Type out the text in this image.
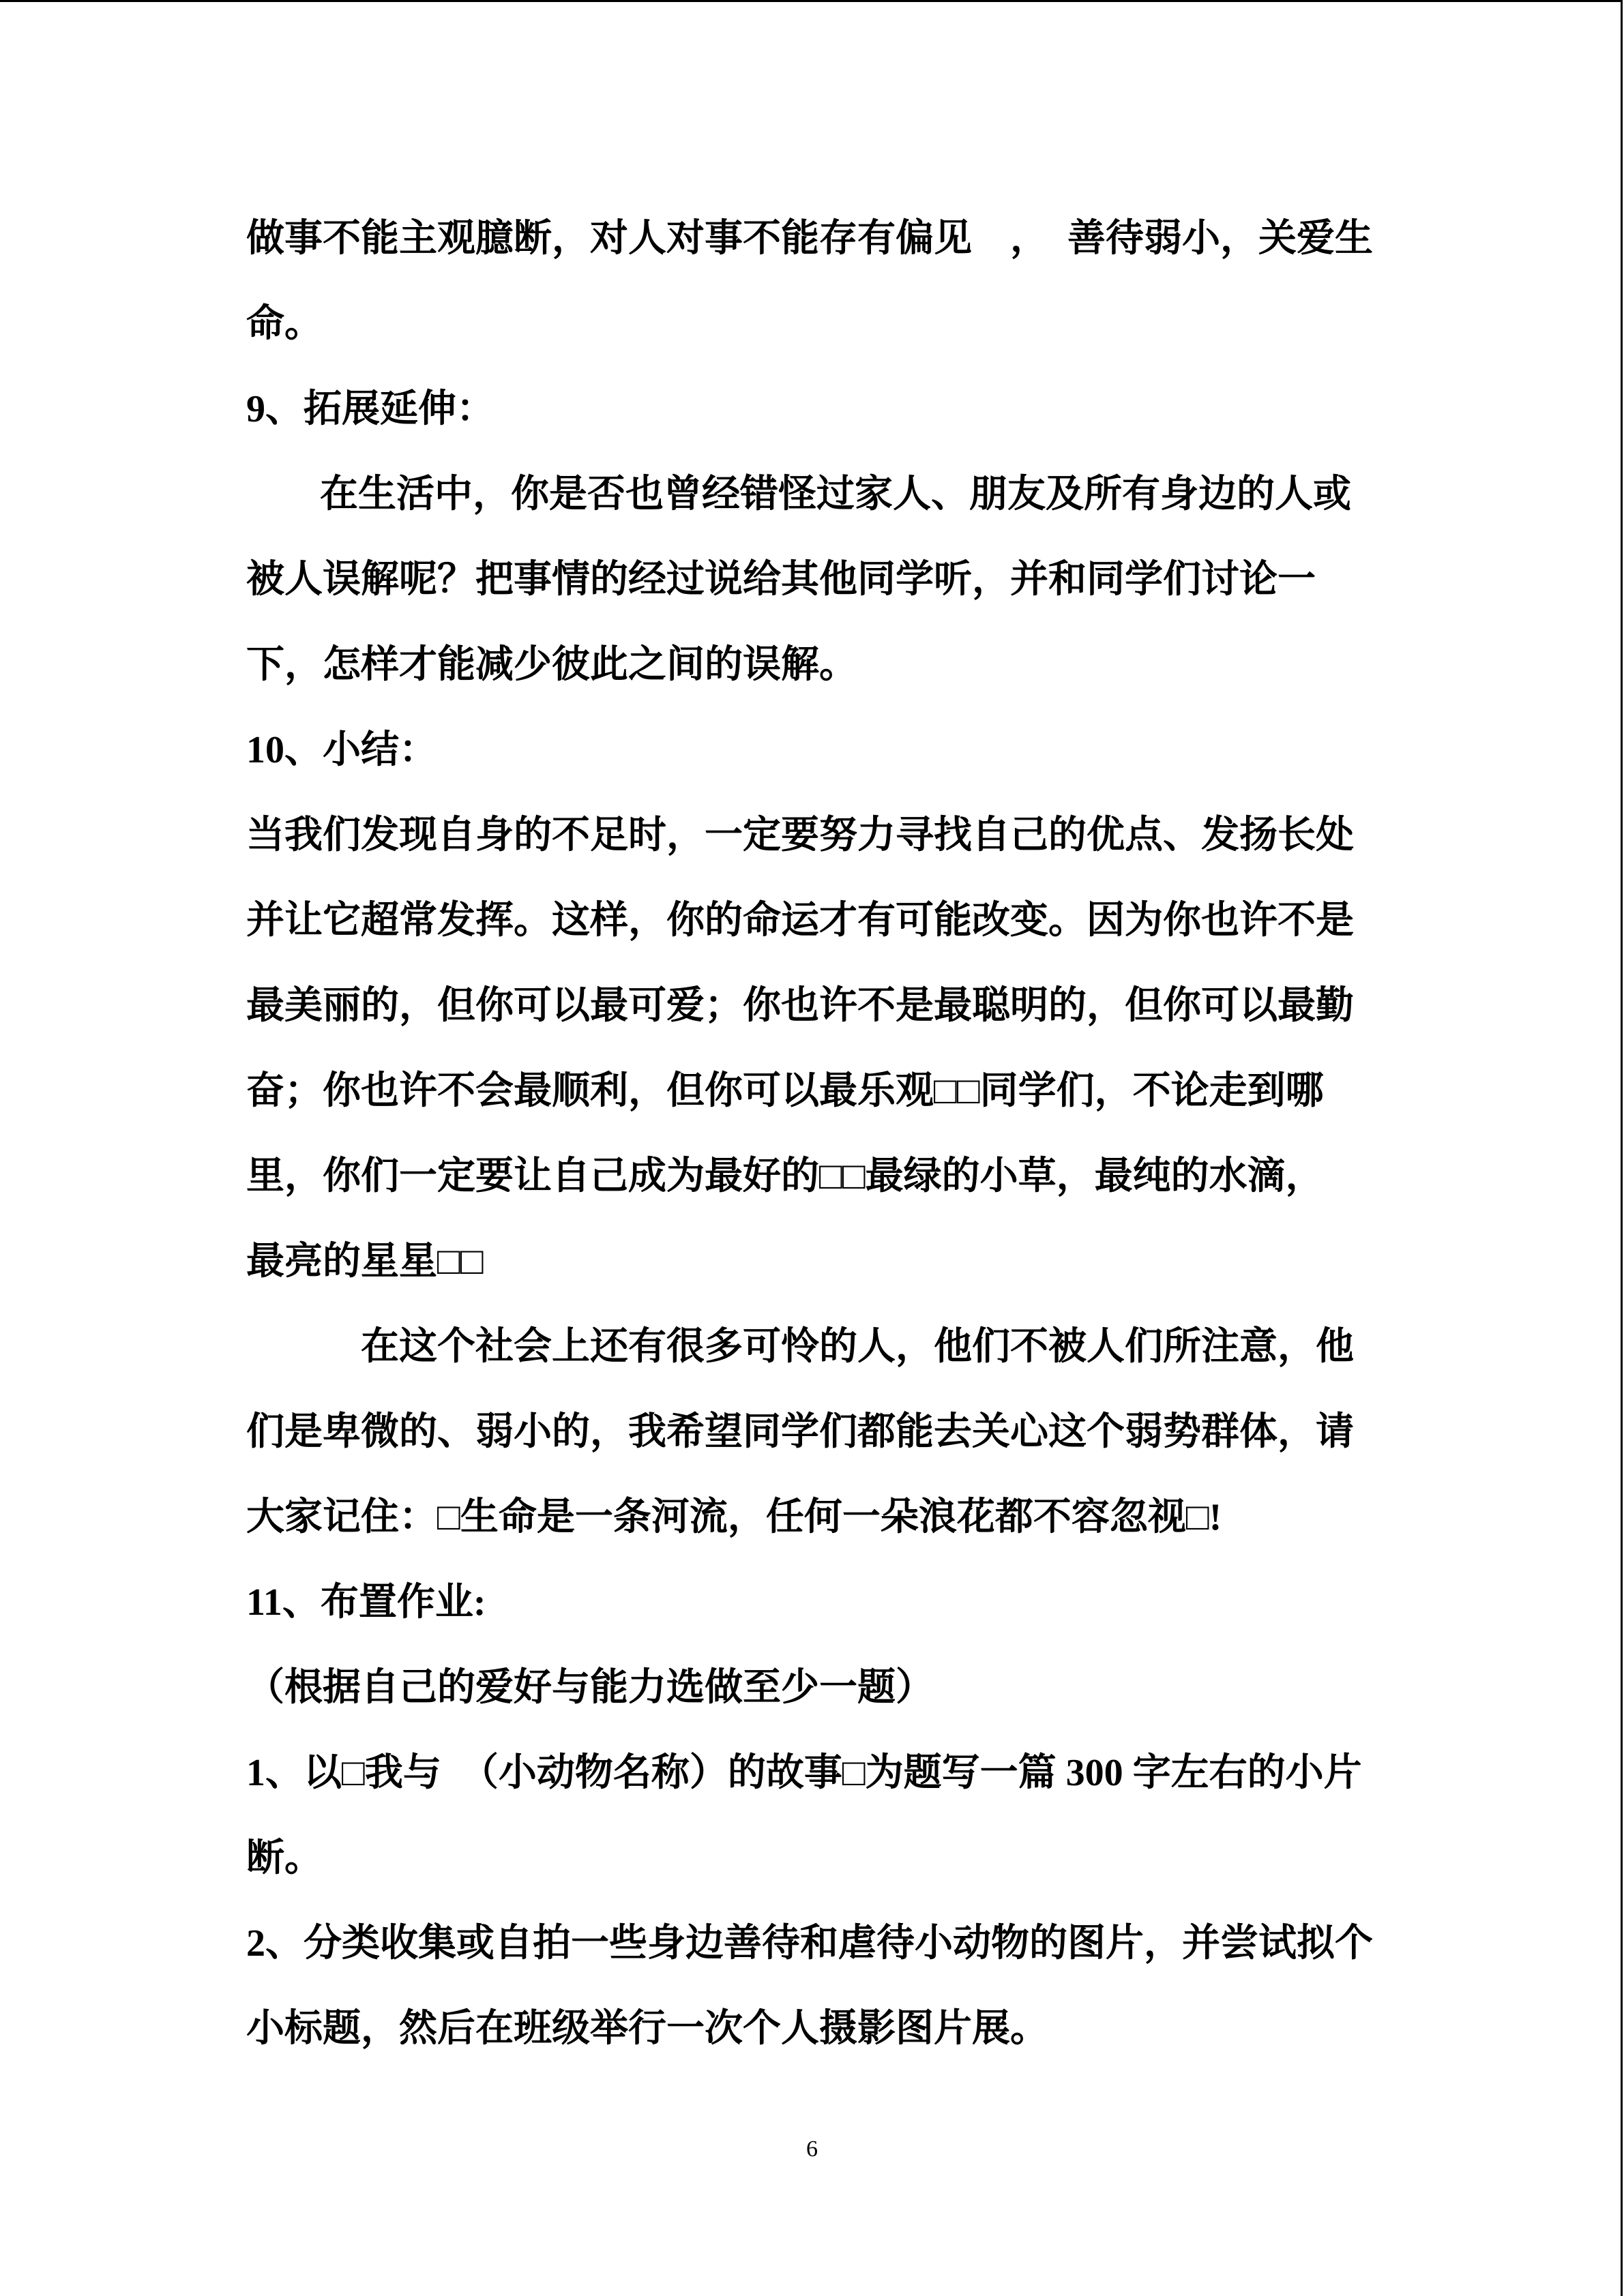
做事不能主观臆断，对人对事不能存有偏见　，　善待弱小，关爱生
命。
9、拓展延伸：
在生活中，你是否也曾经错怪过家人、朋友及所有身边的人或
被人误解呢？把事情的经过说给其他同学听，并和同学们讨论一
下，怎样才能减少彼此之间的误解。
10、小结：
当我们发现自身的不足时，一定要努力寻找自己的优点、发扬长处
并让它超常发挥。这样，你的命运才有可能改变。因为你也许不是
最美丽的，但你可以最可爱；你也许不是最聪明的，但你可以最勤
奋；你也许不会最顺利，但你可以最乐观□□同学们，不论走到哪
里，你们一定要让自己成为最好的□□最绿的小草，最纯的水滴，
最亮的星星□□
在这个社会上还有很多可怜的人，他们不被人们所注意，他
们是卑微的、弱小的，我希望同学们都能去关心这个弱势群体，请
大家记住：□生命是一条河流，任何一朵浪花都不容忽视□!
11、布置作业:
（根据自己的爱好与能力选做至少一题）
1、以□我与　（小动物名称）的故事□为题写一篇 300 字左右的小片
断。
2、分类收集或自拍一些身边善待和虐待小动物的图片，并尝试拟个
小标题，然后在班级举行一次个人摄影图片展。
6
